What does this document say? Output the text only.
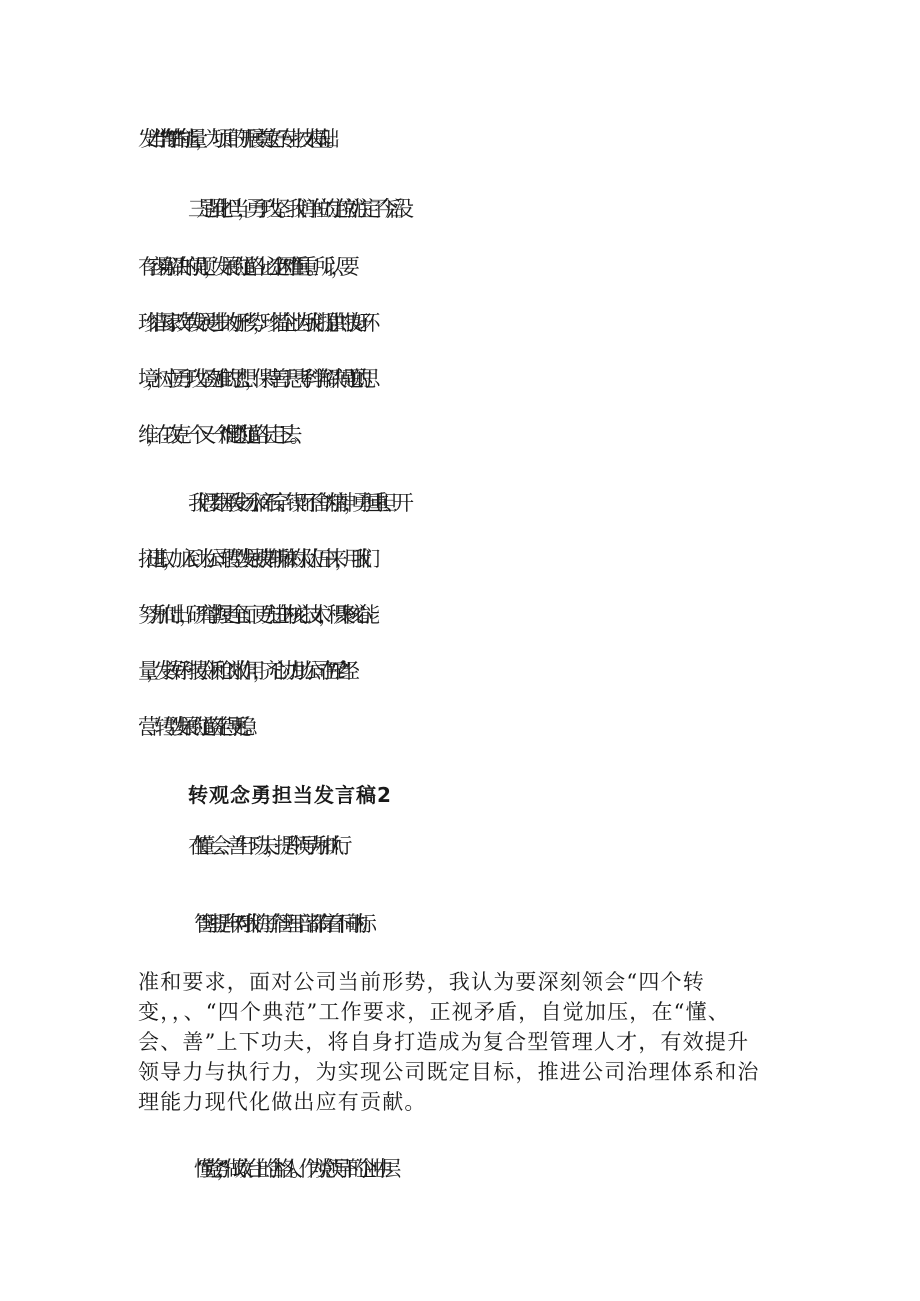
发出“学”与“钻”的能量，为项目的开展奠定好专业技术基础。
三是强化担当，勇于攻坚。我们单位的定位就注定了今后没
有容易解决的问题，发展的道路上必定“困难”重重。所以，要
珍惜国家改革发展进步的好形势，珍惜企业为我们提供的良好环
境，树立勇于攻坚克难的思想，保持善于思考科学解决问题的思
维，在攻克一个又一个“难题”的道路上走下去。
我们要继承发扬水滴石穿、锲而不舍的精神，勇担重担、开
拓进取，加入到为公司转型发展披荆斩棘的大队伍中来，用我们
努力和付出，研究掌握更全面、更先进的核心技术，积聚核心能
量，发挥好科技引领和创效作用，齐心协力助公司在“五自”经
营、转型发展的道路走得更稳。
转观念勇担当发言稿2
在“懂、会、善”上下功夫，提升领导力和执行
“管理提升年”对我们每个管理干部都有着不同的标
准和要求，面对公司当前形势，我认为要深刻领会“四个转
变，，、“四个典范”工作要求，正视矛盾，自觉加压，在“懂、
会、善”上下功夫，将自身打造成为复合型管理人才，有效提升
领导力与执行力，为实现公司既定目标，推进公司治理体系和治
理能力现代化做出应有贡献。
“懂党务”，做政治上的合格人。作为党领导下的企业中层
